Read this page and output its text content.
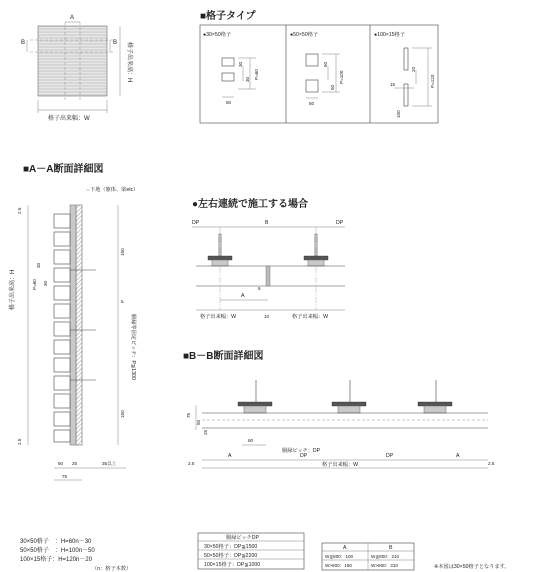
A
B	B 格子出来高：H
格子出来幅：W
■格子タイプ
●30×50格子
30
30 P=60
50
●50×50格子
50
50
P=100
50
●100×15格子
20
P=120
15
100
■A－A断面詳細図
下地（躯体、梁etc）
2.5
30
30
P=60
2.5
格子出来高：H
150
P
150
胴縁等固定ピッチ：P≦1300
50 25	35以上
75
●左右連続で施工する場合
DP	B	DP
A
6
格子出来幅：W	10	格子出来幅：W
■B－B断面詳細図
75
50
25
60
胴縁ピッチ：DP
2.5
A	DP	DP	A
2.5
格子出来幅：W
30×50格子　：H=60n－30
50×50格子　：H=100n－50
100×15格子：H=120n－20
（n：格子本数）
胴縁ピッチDP
30×50格子：DP≦1500
50×50格子：DP≦2200
100×15格子：DP≦1000
A	B
W≦800：100	W≦800：210
W>800：150	W>800：310	※本図は30×50格子となります。
